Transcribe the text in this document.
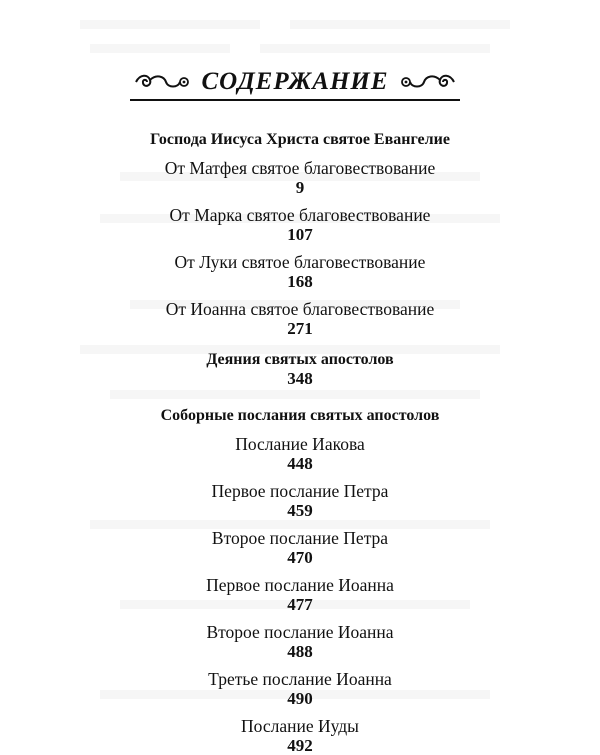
СОДЕРЖАНИЕ
Господа Иисуса Христа святое Евангелие
От Матфея святое благовествование
9
От Марка святое благовествование
107
От Луки святое благовествование
168
От Иоанна святое благовествование
271
Деяния святых апостолов
348
Соборные послания святых апостолов
Послание Иакова
448
Первое послание Петра
459
Второе послание Петра
470
Первое послание Иоанна
477
Второе послание Иоанна
488
Третье послание Иоанна
490
Послание Иуды
492
